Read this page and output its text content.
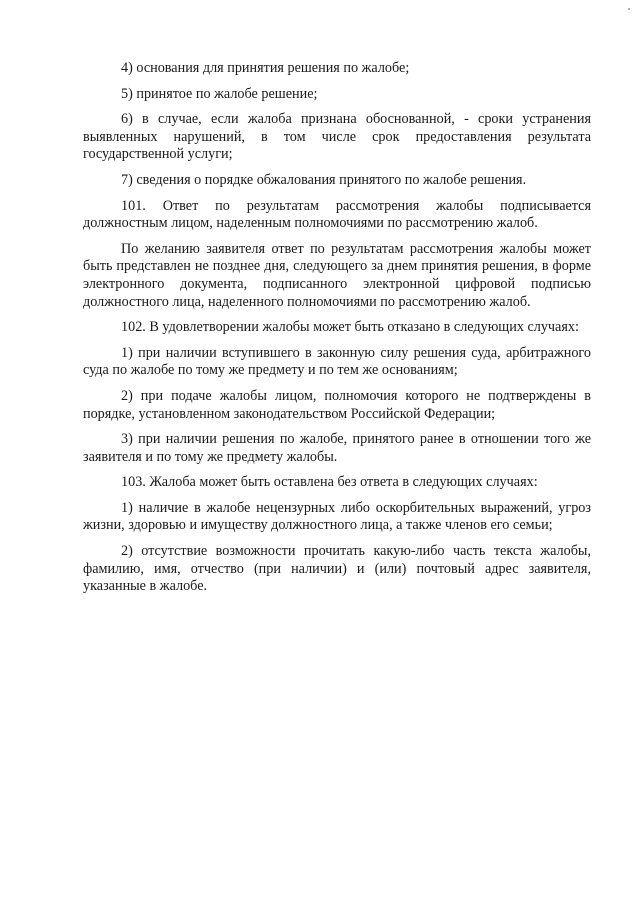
4) основания для принятия решения по жалобе;

5) принятое по жалобе решение;

6) в случае, если жалоба признана обоснованной, - сроки устранения выявленных нарушений, в том числе срок предоставления результата государственной услуги;

7) сведения о порядке обжалования принятого по жалобе решения.

101. Ответ по результатам рассмотрения жалобы подписывается должностным лицом, наделенным полномочиями по рассмотрению жалоб.

По желанию заявителя ответ по результатам рассмотрения жалобы может быть представлен не позднее дня, следующего за днем принятия решения, в форме электронного документа, подписанного электронной цифровой подписью должностного лица, наделенного полномочиями по рассмотрению жалоб.

102. В удовлетворении жалобы может быть отказано в следующих случаях:

1) при наличии вступившего в законную силу решения суда, арбитражного суда по жалобе по тому же предмету и по тем же основаниям;

2) при подаче жалобы лицом, полномочия которого не подтверждены в порядке, установленном законодательством Российской Федерации;

3) при наличии решения по жалобе, принятого ранее в отношении того же заявителя и по тому же предмету жалобы.

103. Жалоба может быть оставлена без ответа в следующих случаях:

1) наличие в жалобе нецензурных либо оскорбительных выражений, угроз жизни, здоровью и имуществу должностного лица, а также членов его семьи;

2) отсутствие возможности прочитать какую-либо часть текста жалобы, фамилию, имя, отчество (при наличии) и (или) почтовый адрес заявителя, указанные в жалобе.
